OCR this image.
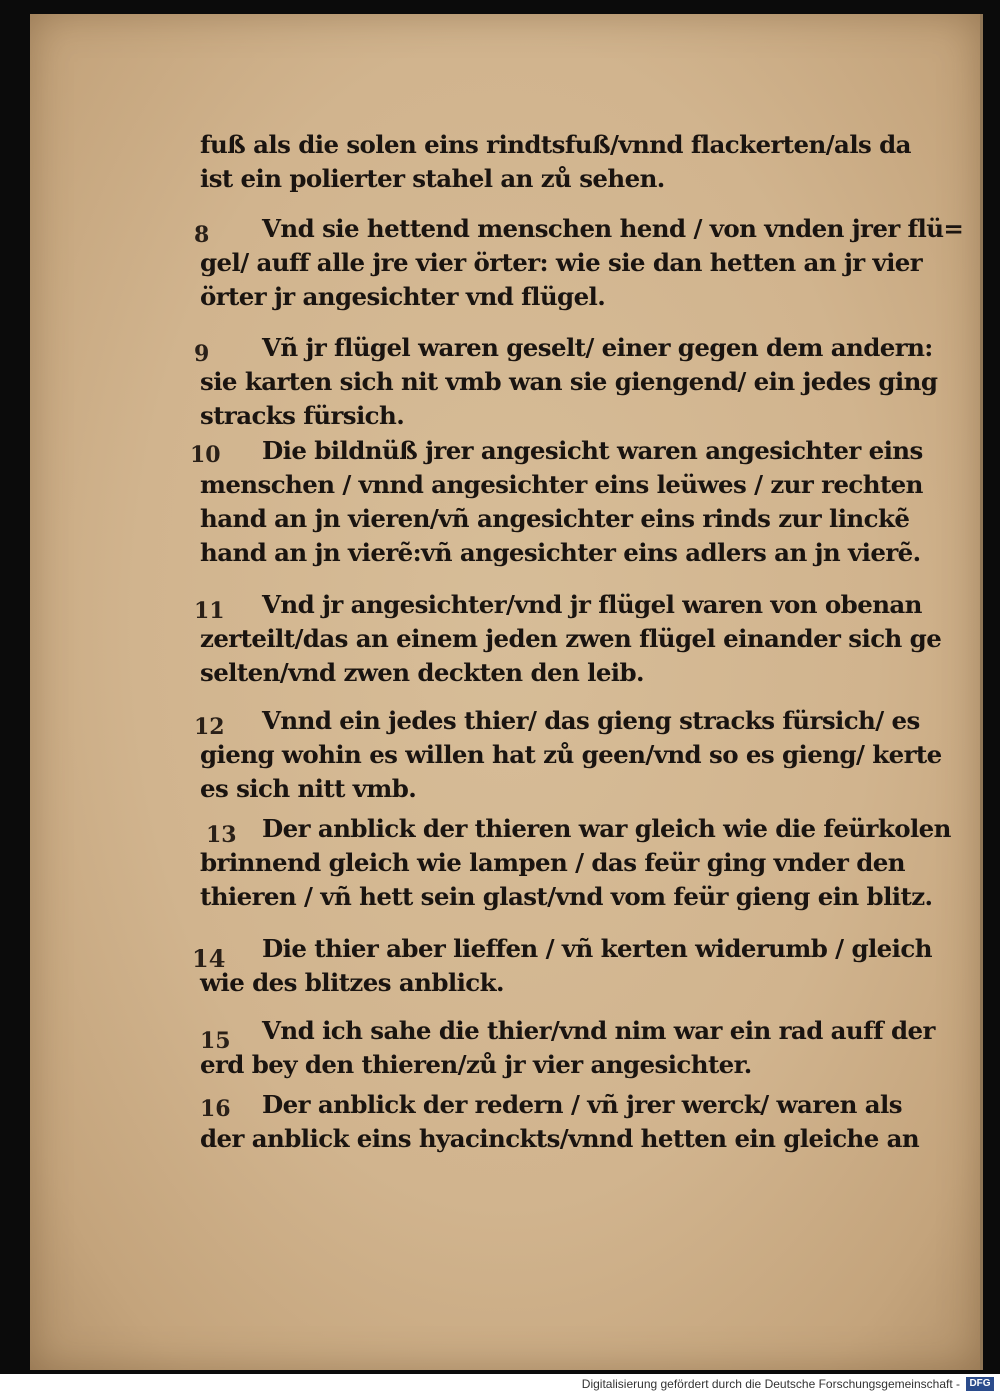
fuß als die solen eins rindtsfuß/vnnd flackerten/als da
ist ein polierter stahel an zů sehen.
8	Vnd sie hettend menschen hend / von vnden jrer flü=
gel/ auff alle jre vier örter: wie sie dan hetten an jr vier
örter jr angesichter vnd flügel.
9	Vñ jr flügel waren geselt/ einer gegen dem andern:
sie karten sich nit vmb wan sie giengend/ ein jedes ging
stracks fürsich.
10	Die bildnüß jrer angesicht waren angesichter eins
menschen / vnnd angesichter eins leüwes / zur rechten
hand an jn vieren/vñ angesichter eins rinds zur linckẽ
hand an jn vierẽ:vñ angesichter eins adlers an jn vierẽ.
11	Vnd jr angesichter/vnd jr flügel waren von obenan
zerteilt/das an einem jeden zwen flügel einander sich ge
selten/vnd zwen deckten den leib.
12	Vnnd ein jedes thier/ das gieng stracks fürsich/ es
gieng wohin es willen hat zů geen/vnd so es gieng/ kerte
es sich nitt vmb.
13	Der anblick der thieren war gleich wie die feürkolen
brinnend gleich wie lampen / das feür ging vnder den
thieren / vñ hett sein glast/vnd vom feür gieng ein blitz.
14	Die thier aber lieffen / vñ kerten widerumb / gleich
wie des blitzes anblick.
15	Vnd ich sahe die thier/vnd nim war ein rad auff der
erd bey den thieren/zů jr vier angesichter.
16	Der anblick der redern / vñ jrer werck/ waren als
der anblick eins hyacinckts/vnnd hetten ein gleiche an
Digitalisierung gefördert durch die Deutsche Forschungsgemeinschaft - DFG
